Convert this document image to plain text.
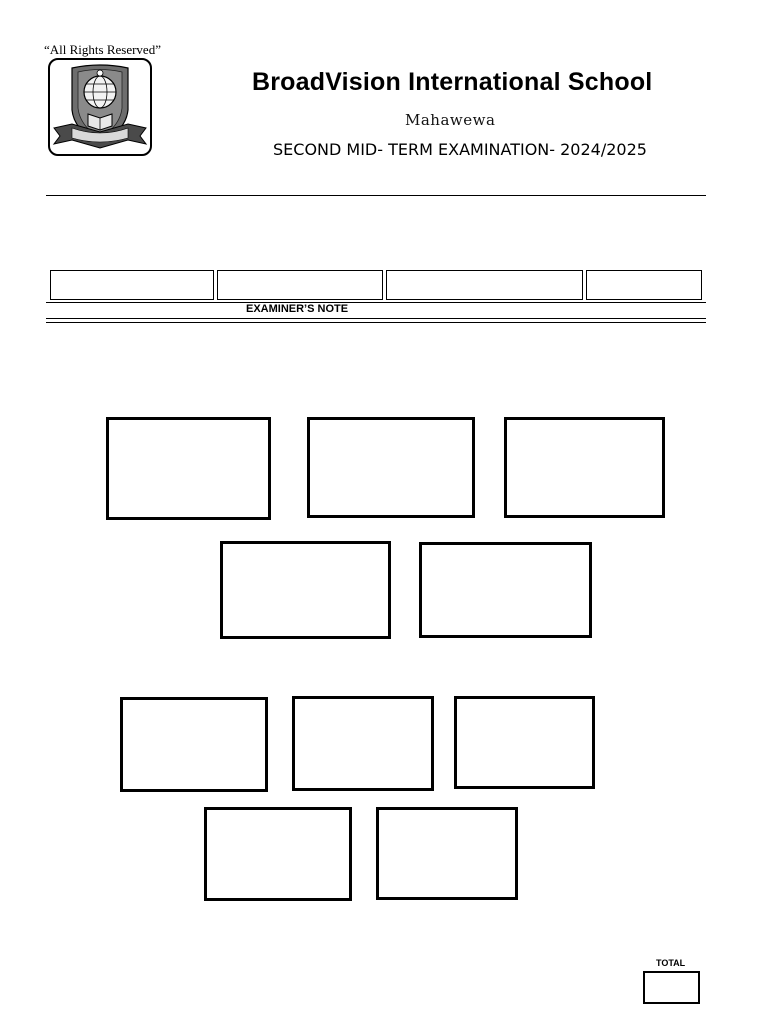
“All Rights Reserved”
BroadVision International School
Mahawewa
SECOND MID- TERM EXAMINATION- 2024/2025
EXAMINER’S NOTE
TOTAL
